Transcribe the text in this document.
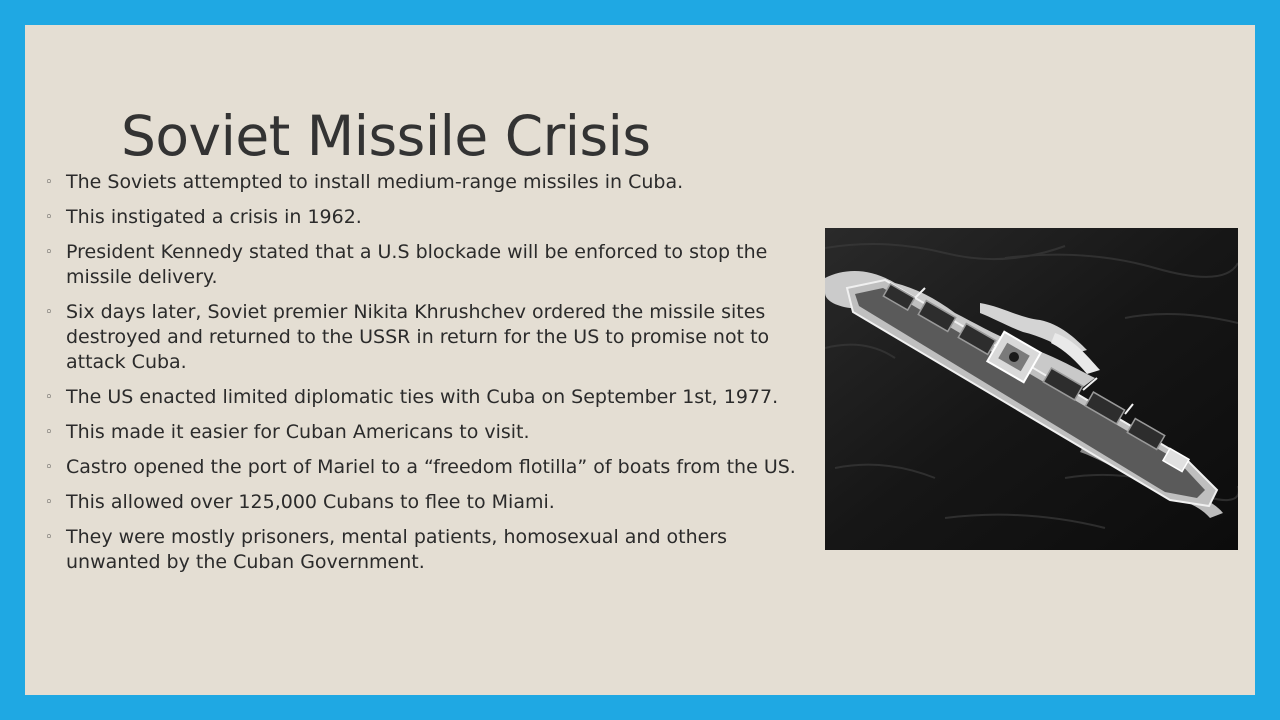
Soviet Missile Crisis
◦ The Soviets attempted to install medium-range missiles in Cuba.
◦ This instigated a crisis in 1962.
◦ President Kennedy stated that a U.S blockade will be enforced to stop the missile delivery.
◦ Six days later, Soviet premier Nikita Khrushchev ordered the missile sites destroyed and returned to the USSR in return for the US to promise not to attack Cuba.
◦ The US enacted limited diplomatic ties with Cuba on September 1st, 1977.
◦ This made it easier for Cuban Americans to visit.
◦ Castro opened the port of Mariel to a “freedom flotilla” of boats from the US.
◦ This allowed over 125,000 Cubans to flee to Miami.
◦ They were mostly prisoners, mental patients, homosexual and others unwanted by the Cuban Government.
